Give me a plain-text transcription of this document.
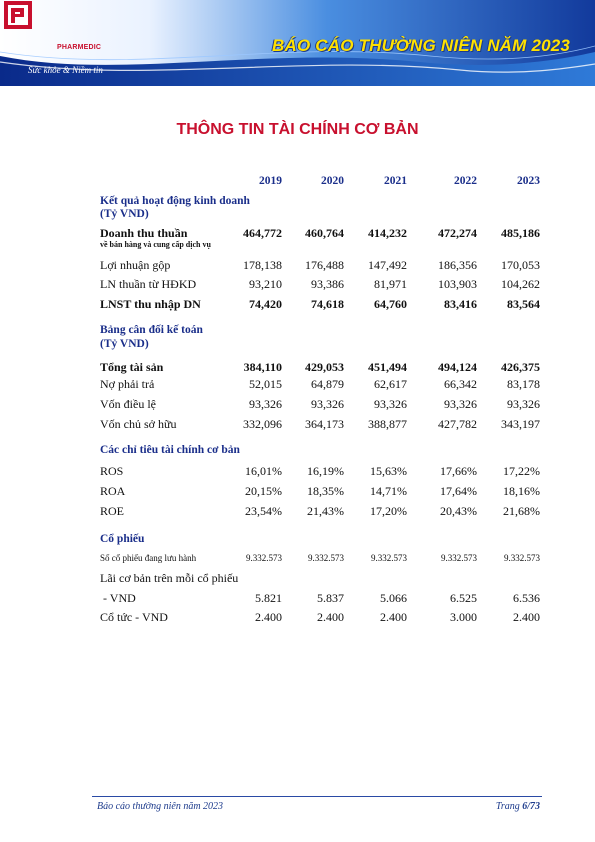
PHARMEDIC
Sức khỏe & Niềm tin
BÁO CÁO THƯỜNG NIÊN NĂM 2023
THÔNG TIN TÀI CHÍNH CƠ BẢN
2019	2020	2021	2022	2023
Kết quả hoạt động kinh doanh
(Tỷ VND)
Doanh thu thuần	464,772	460,764	414,232	472,274	485,186
về bán hàng và cung cấp dịch vụ
Lợi nhuận gộp	178,138	176,488	147,492	186,356	170,053
LN thuần từ HĐKD	93,210	93,386	81,971	103,903	104,262
LNST thu nhập DN	74,420	74,618	64,760	83,416	83,564
Bảng cân đối kế toán
(Tỷ VND)
Tổng tài sản	384,110	429,053	451,494	494,124	426,375
Nợ phải trả	52,015	64,879	62,617	66,342	83,178
Vốn điều lệ	93,326	93,326	93,326	93,326	93,326
Vốn chủ sở hữu	332,096	364,173	388,877	427,782	343,197
Các chỉ tiêu tài chính cơ bản
ROS	16,01%	16,19%	15,63%	17,66%	17,22%
ROA	20,15%	18,35%	14,71%	17,64%	18,16%
ROE	23,54%	21,43%	17,20%	20,43%	21,68%
Cổ phiếu
Số cổ phiếu đang lưu hành	9.332.573	9.332.573	9.332.573	9.332.573	9.332.573
Lãi cơ bản trên mỗi cổ phiếu
- VND	5.821	5.837	5.066	6.525	6.536
Cổ tức - VND	2.400	2.400	2.400	3.000	2.400
Báo cáo thường niên năm 2023	Trang 6/73
